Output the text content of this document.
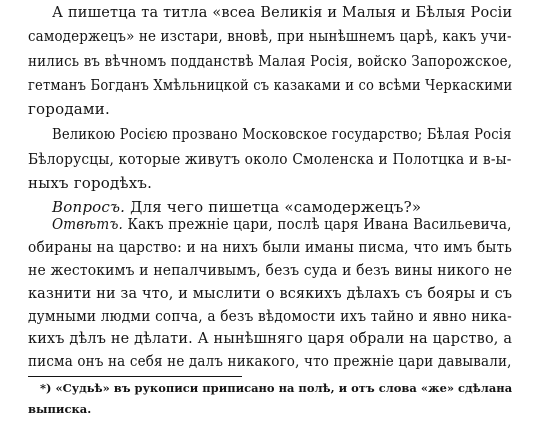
А пишетца та титла «всеа Великія и Малыя и Бѣлыя Росіи
самодержецъ» не изстари, вновѣ, при нынѣшнемъ царѣ, какъ учи-
нились въ вѣчномъ подданствѣ Малая Росія, войско Запорожское,
гетманъ Богданъ Хмѣльницкой съ казаками и со всѣми Черкаскими
городами.
Великою Росією прозвано Московское государство; Бѣлая Росія
Бѣлорусцы, которые живутъ около Смоленска и Полотцка и в-ы-
ныхъ городѣхъ.
Вопросъ. Для чего пишетца «самодержецъ?»
Отвѣтъ. Какъ прежніе цари, послѣ царя Ивана Васильевича,
обираны на царство: и на нихъ были иманы писма, что имъ быть
не жестокимъ и непалчивымъ, безъ суда и безъ вины никого не
казнити ни за что, и мыслити о всякихъ дѣлахъ съ бояры и съ
думными людми сопча, а безъ вѣдомости ихъ тайно и явно ника-
кихъ дѣлъ не дѣлати. А нынѣшняго царя обрали на царство, а
писма онъ на себя не далъ никакого, что прежніе цари давывали,
*) «Судьѣ» въ рукописи приписано на полѣ, и отъ слова «же» сдѣлана
выписка.
